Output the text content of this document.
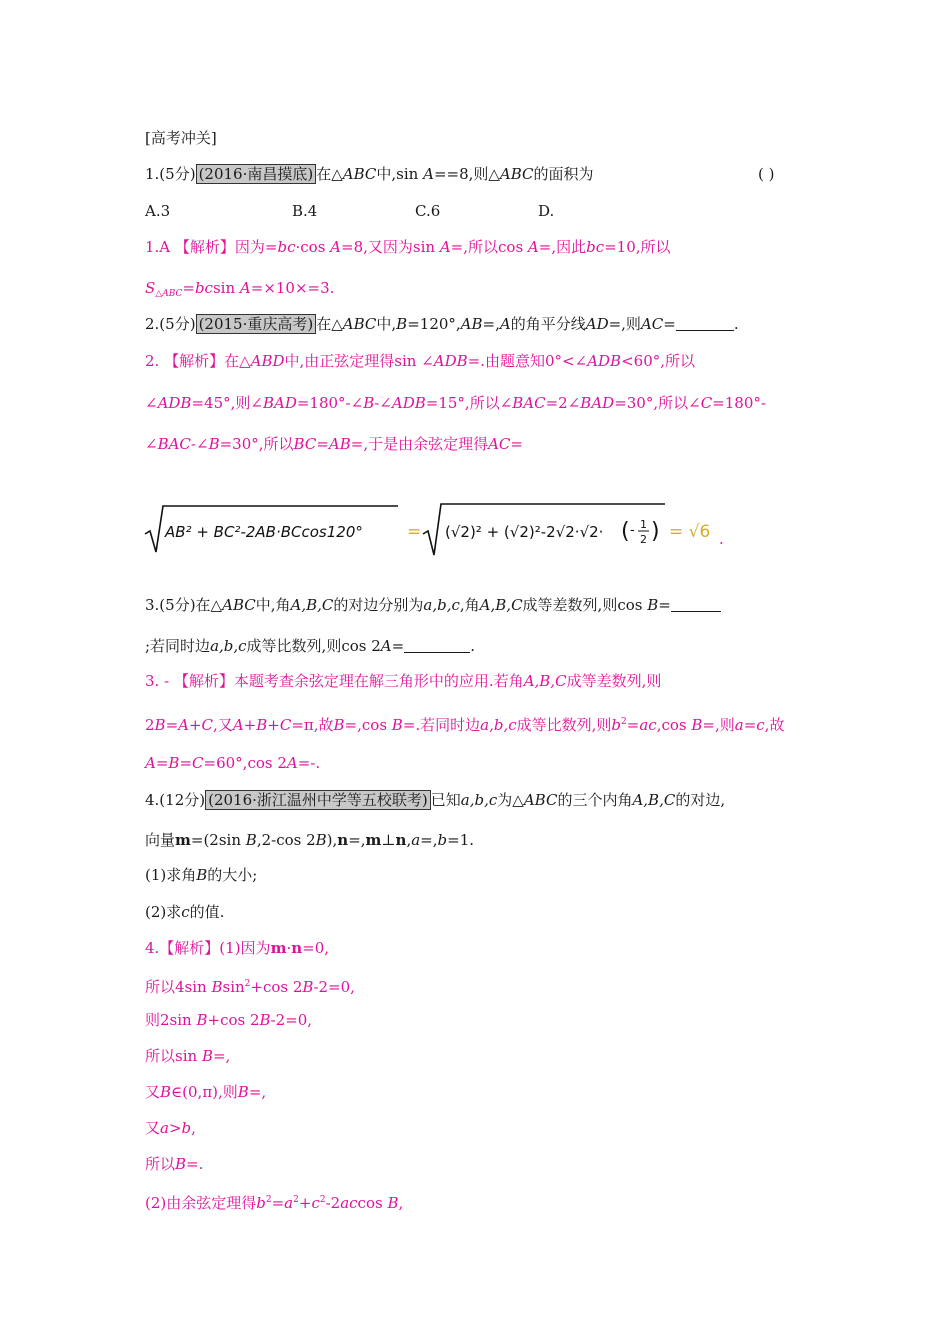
[高考冲关]
1.(5分) (2016·南昌摸底) 在△ABC中,sin A==8,则△ABC的面积为	( )
A.3	B.4	C.6	D.
1.A 【解析】因为=bc·cos A=8,又因为sin A=,所以cos A=,因此bc=10,所以
$S_{\triangle ABC}=bcsin$ A=×10×=3.
2.(5分) (2015·重庆高考) 在△ABC中,B=120°,AB=,A的角平分线AD=,则AC=	.
2. 【解析】在△ABD中,由正弦定理得sin ∠ADB=.由题意知0°<∠ADB<60°,所以
∠ADB=45°,则∠BAD=180°-∠B-∠ADB=15°,所以∠BAC=2∠BAD=30°,所以∠C=180°-
∠BAC-∠B=30°,所以BC=AB=,于是由余弦定理得AC=
AB² + BC²-2AB·BCcos120°	= (√2)² + (√2)²-2√2·√2· ( - 1
2 ) = √6 .
3.(5分)在△ABC中,角A,B,C的对边分别为a,b,c,角A,B,C成等差数列,则cos B=
;若同时边a,b,c成等比数列,则cos 2A=	.
3. - 【解析】本题考查余弦定理在解三角形中的应用.若角A,B,C成等差数列,则
2B=A+C,又A+B+C=π,故B=,cos B=.若同时边a,b,c成等比数列,则$b^2=ac,\cos$ B=,则a=c,故
A=B=C=60°,cos 2A=-.
4.(12分) (2016·浙江温州中学等五校联考) 已知a,b,c为△ABC的三个内角A,B,C的对边,
向量m=(2sin B,2-cos 2B),n=,m⊥n,a=,b=1.
(1)求角B的大小;
(2)求c的值.
4.【解析】(1)因为m·n=0,
所以4sin Bsin$^2$+cos 2B-2=0,
则2sin B+cos 2B-2=0,
所以sin B=,
又B∈(0,π),则B=,
又a>b,
所以B=.
(2)由余弦定理得$b^2=a^2+c^2-2accos$ B,
